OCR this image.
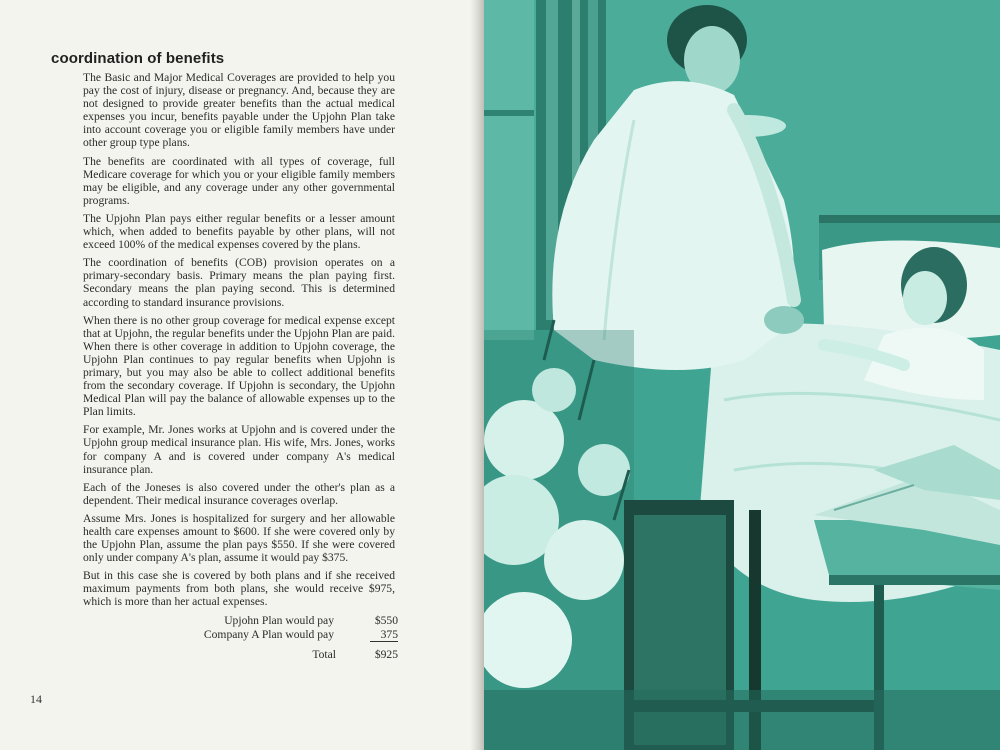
coordination of benefits

The Basic and Major Medical Coverages are provided to help you pay the cost of injury, disease or pregnancy. And, because they are not designed to provide greater benefits than the actual medical expenses you incur, benefits payable under the Upjohn Plan take into account coverage you or eligible family members have under other group type plans.

The benefits are coordinated with all types of coverage, full Medicare coverage for which you or your eligible family members may be eligible, and any coverage under any other governmental programs.

The Upjohn Plan pays either regular benefits or a lesser amount which, when added to benefits payable by other plans, will not exceed 100% of the medical expenses covered by the plans.

The coordination of benefits (COB) provision operates on a primary-secondary basis. Primary means the plan paying first. Secondary means the plan paying second. This is determined according to standard insurance provisions.

When there is no other group coverage for medical expense except that at Upjohn, the regular benefits under the Upjohn Plan are paid. When there is other coverage in addition to Upjohn coverage, the Upjohn Plan continues to pay regular benefits when Upjohn is primary, but you may also be able to collect additional benefits from the secondary coverage. If Upjohn is secondary, the Upjohn Medical Plan will pay the balance of allowable expenses up to the Plan limits.

For example, Mr. Jones works at Upjohn and is covered under the Upjohn group medical insurance plan. His wife, Mrs. Jones, works for company A and is covered under company A's medical insurance plan.

Each of the Joneses is also covered under the other's plan as a dependent. Their medical insurance coverages overlap.

Assume Mrs. Jones is hospitalized for surgery and her allowable health care expenses amount to $600. If she were covered only by the Upjohn Plan, assume the plan pays $550. If she were covered only under company A's plan, assume it would pay $375.

But in this case she is covered by both plans and if she received maximum payments from both plans, she would receive $975, which is more than her actual expenses.

Upjohn Plan would pay	$550
Company A Plan would pay	375
Total	$925
14
